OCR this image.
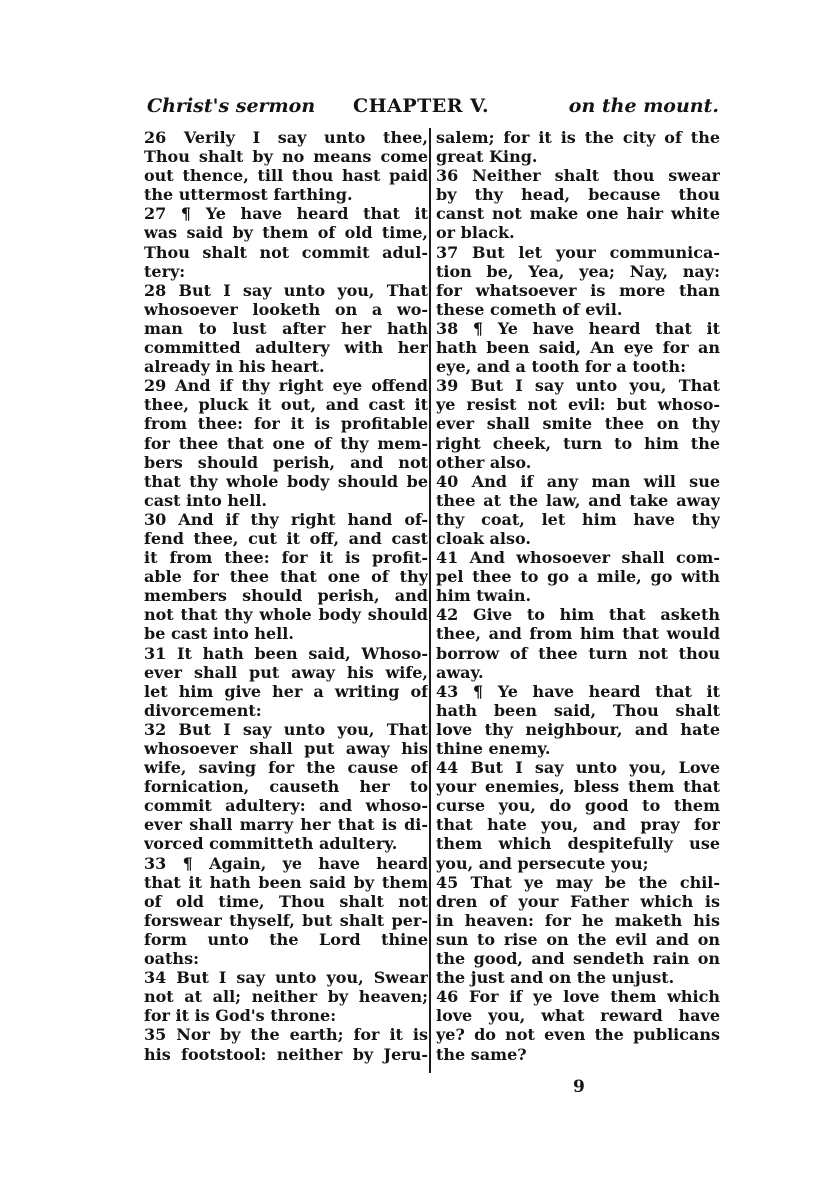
Christ's sermon CHAPTER V.	on the mount.
26 Verily I say unto thee,
Thou shalt by no means come
out thence, till thou hast paid
the uttermost farthing.
27 ¶ Ye have heard that it
was said by them of old time,
Thou shalt not commit adul-
tery:
28 But I say unto you, That
whosoever looketh on a wo-
man to lust after her hath
committed adultery with her
already in his heart.
29 And if thy right eye offend
thee, pluck it out, and cast it
from thee: for it is profitable
for thee that one of thy mem-
bers should perish, and not
that thy whole body should be
cast into hell.
30 And if thy right hand of-
fend thee, cut it off, and cast
it from thee: for it is profit-
able for thee that one of thy
members should perish, and
not that thy whole body should
be cast into hell.
31 It hath been said, Whoso-
ever shall put away his wife,
let him give her a writing of
divorcement:
32 But I say unto you, That
whosoever shall put away his
wife, saving for the cause of
fornication, causeth her to
commit adultery: and whoso-
ever shall marry her that is di-
vorced committeth adultery.
33 ¶ Again, ye have heard
that it hath been said by them
of old time, Thou shalt not
forswear thyself, but shalt per-
form unto the Lord thine
oaths:
34 But I say unto you, Swear
not at all; neither by heaven;
for it is God's throne:
35 Nor by the earth; for it is
his footstool: neither by Jeru-
salem; for it is the city of the
great King.
36 Neither shalt thou swear
by thy head, because thou
canst not make one hair white
or black.
37 But let your communica-
tion be, Yea, yea; Nay, nay:
for whatsoever is more than
these cometh of evil.
38 ¶ Ye have heard that it
hath been said, An eye for an
eye, and a tooth for a tooth:
39 But I say unto you, That
ye resist not evil: but whoso-
ever shall smite thee on thy
right cheek, turn to him the
other also.
40 And if any man will sue
thee at the law, and take away
thy coat, let him have thy
cloak also.
41 And whosoever shall com-
pel thee to go a mile, go with
him twain.
42 Give to him that asketh
thee, and from him that would
borrow of thee turn not thou
away.
43 ¶ Ye have heard that it
hath been said, Thou shalt
love thy neighbour, and hate
thine enemy.
44 But I say unto you, Love
your enemies, bless them that
curse you, do good to them
that hate you, and pray for
them which despitefully use
you, and persecute you;
45 That ye may be the chil-
dren of your Father which is
in heaven: for he maketh his
sun to rise on the evil and on
the good, and sendeth rain on
the just and on the unjust.
46 For if ye love them which
love you, what reward have
ye? do not even the publicans
the same?
9
